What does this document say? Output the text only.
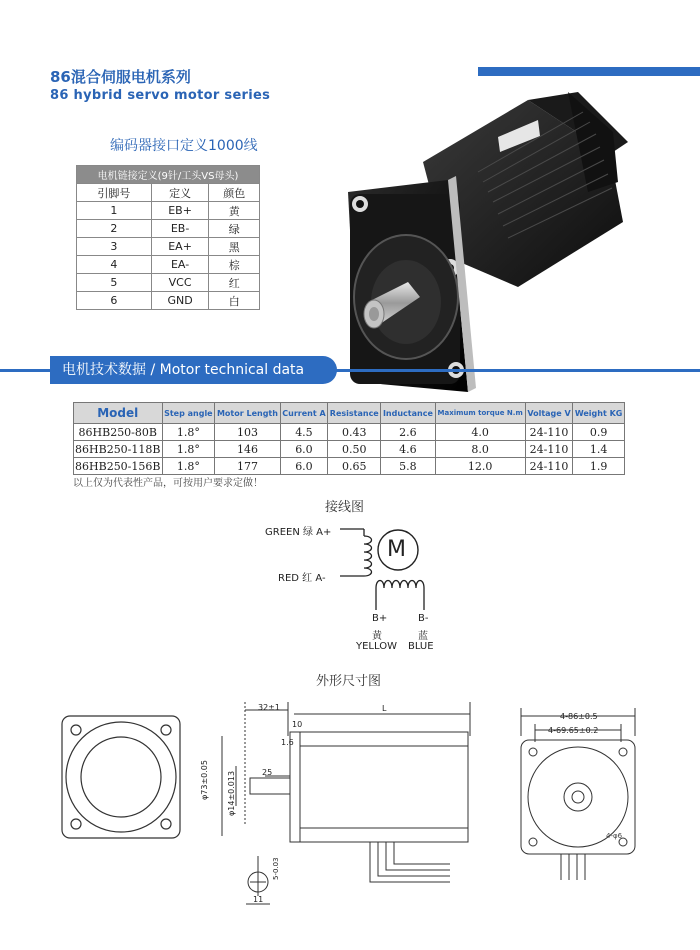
86混合伺服电机系列
86 hybrid servo motor series
编码器接口定义1000线
电机链接定义(9针/工头VS母头)		
引脚号	定义	颜色
1	EB+	黄
2	EB-	绿
3	EA+	黑
4	EA-	棕
5	VCC	红
6	GND	白
电机技术数据 / Motor technical data
Model	Step angle	Motor Length	Current A	Resistance	Inductance	Maximum torque N.m	Voltage V	Weight KG
86HB250-80B	1.8°	103	4.5	0.43	2.6	4.0	24-110	0.9
86HB250-118B	1.8°	146	6.0	0.50	4.6	8.0	24-110	1.4
86HB250-156B	1.8°	177	6.0	0.65	5.8	12.0	24-110	1.9
以上仅为代表性产品，可按用户要求定做！
接线图
GREEN 绿 A+
RED 红 A-
M
B+	B-
黄	蓝
YELLOW BLUE
外形尺寸图
32±1
10
L
1.6
25
φ73±0.05 φ14±0.013
5-0.03
11
4-86±0.5
4-69.65±0.2
4-φ6
